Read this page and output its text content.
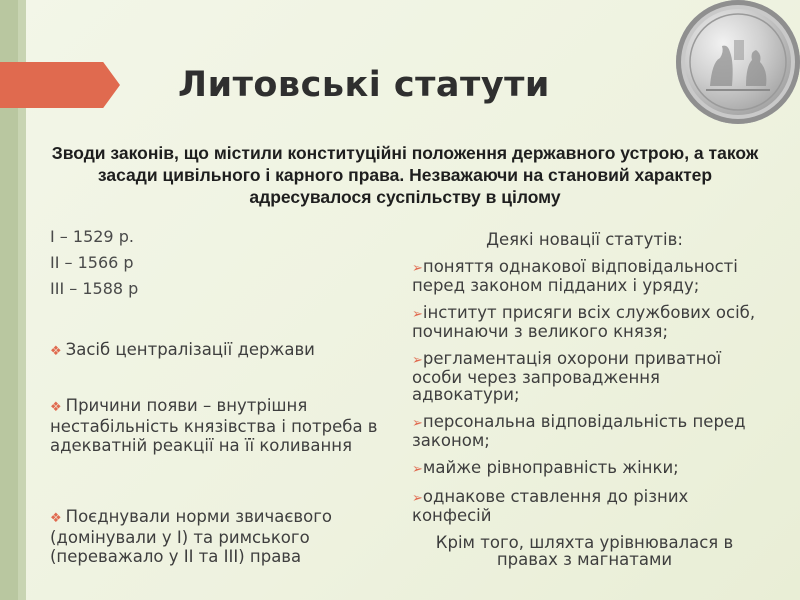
Литовські статути
Зводи законів, що містили конституційні положення державного устрою, а також засади цивільного і карного права. Незважаючи на становий характер адресувалося суспільству в цілому
I – 1529 р.
II – 1566 р
III – 1588 р
❖ Засіб централізації держави
❖ Причини появи – внутрішня нестабільність князівства і потреба в адекватній реакції на її коливання
❖ Поєднували норми звичаєвого (домінували у I) та римського (переважало у II та III) права
Деякі новації статутів:
➢поняття однакової відповідальності перед законом підданих і уряду;
➢інститут присяги всіх службових осіб, починаючи з великого князя;
➢регламентація охорони приватної особи через запровадження адвокатури;
➢персональна відповідальність перед законом;
➢майже рівноправність жінки;
➢однакове ставлення до різних конфесій
Крім того, шляхта урівнювалася в правах з магнатами
